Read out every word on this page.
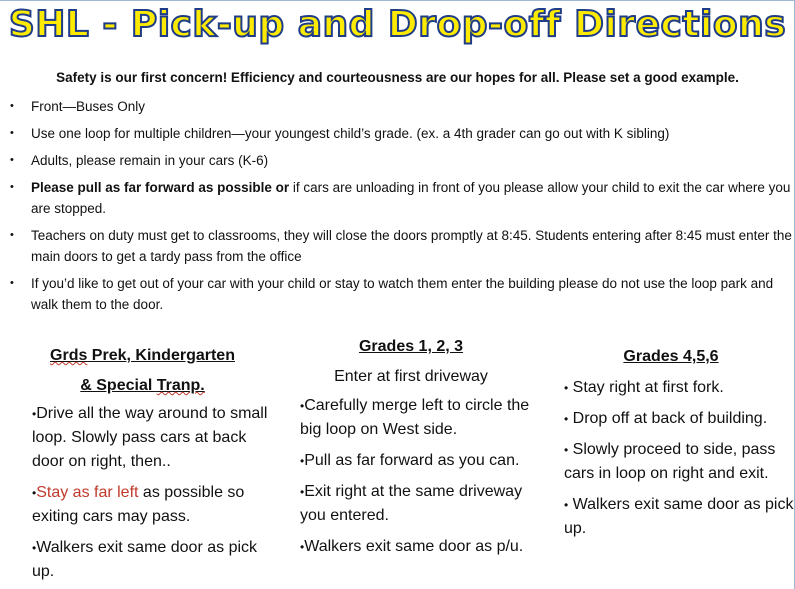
SHL - Pick-up and Drop-off Directions
Safety is our first concern! Efficiency and courteousness are our hopes for all. Please set a good example.
• Front—Buses Only
• Use one loop for multiple children—your youngest child’s grade. (ex. a 4th grader can go out with K sibling)
• Adults, please remain in your cars (K-6)
• Please pull as far forward as possible or if cars are unloading in front of you please allow your child to exit the car where you are stopped.
• Teachers on duty must get to classrooms, they will close the doors promptly at 8:45. Students entering after 8:45 must enter the main doors to get a tardy pass from the office
• If you’d like to get out of your car with your child or stay to watch them enter the building please do not use the loop park and walk them to the door.
Grds Prek, Kindergarten
& Special Tranp.
•Drive all the way around to small loop. Slowly pass cars at back door on right, then..
•Stay as far left as possible so exiting cars may pass.
•Walkers exit same door as pick up.
Grades 1, 2, 3
Enter at first driveway
•Carefully merge left to circle the big loop on West side.
•Pull as far forward as you can.
•Exit right at the same driveway you entered.
•Walkers exit same door as p/u.
Grades 4,5,6
• Stay right at first fork.
• Drop off at back of building.
• Slowly proceed to side, pass cars in loop on right and exit.
• Walkers exit same door as pick up.
